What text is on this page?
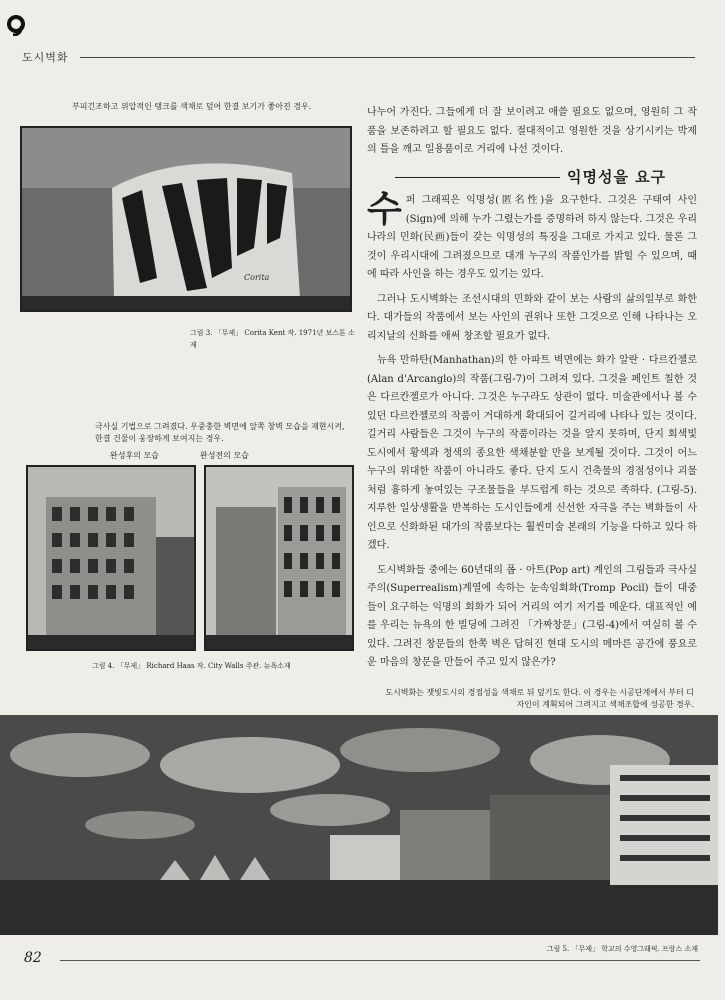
도시벽화
부피긴조하고 위압적인 탱크를 색채로 덮어 한결 보기가 좋아진 경우.
Corita
그림 3. 「무제」 Corita Kent 작. 1971년 보스톤 소재
극사실 기법으로 그려졌다. 우중충한 벽면에 앞쪽 창벽 모습을 재현시켜, 한결 건물이 웅장하게 보여지는 경우.
완성후의 모습	완성전의 모습
그림 4. 「무제」 Richard Haas 작. City Walls 주관. 뉴욕소재
나누어 가진다. 그들에게 더 잘 보이려고 애쓸 필요도 없으며, 영원히 그 작품을 보존하려고 할 필요도 없다. 절대적이고 영원한 것을 상기시키는 박제의 틀을 깨고 일용품이로 거리에 나선 것이다.
익명성을 요구

수퍼 그래픽은 익명성(匿名性)을 요구한다. 그것은 구태여 사인(Sign)에 의해 누가 그렸는가를 증명하려 하지 않는다. 그것은 우리나라의 민화(民画)들이 갖는 익명성의 특징을 그대로 가지고 있다. 물론 그것이 우리시대에 그려졌으므로 대개 누구의 작품인가를 밝힐 수 있으며, 때에 따라 사인을 하는 경우도 있기는 있다.

그러나 도시벽화는 조선시대의 민화와 같이 보는 사람의 삶의일부로 화한다. 대가들의 작품에서 보는 사인의 권위나 또한 그것으로 인해 나타나는 오리지날의 신화를 애써 창조할 필요가 없다.

뉴욕 만하탄(Manhathan)의 한 아파트 벽면에는 화가 알란 · 다르칸젤로(Alan d'Arcanglo)의 작품(그림-7)이 그려져 있다. 그것을 페인트 칠한 것은 다르칸젤로가 아니다. 그것은 누구라도 상관이 없다. 미술관에서나 볼 수 있던 다르칸젤로의 작품이 거대하게 확대되어 길거리에 나타나 있는 것이다. 길거리 사람들은 그것이 누구의 작품이라는 것을 알지 못하며, 단지 회색빛 도시에서 황색과 청색의 종요한 색채분할 만을 보게될 것이다. 그것이 어느 누구의 위대한 작품이 아니라도 좋다. 단지 도시 건축물의 경점성이나 괴물처럼 흉하게 놓여있는 구조물들을 부드럽게 하는 것으로 족하다. (그림-5). 지루한 일상생활을 반복하는 도시인들에게 신선한 자극을 주는 벽화들이 사인으로 신화화된 대가의 작품보다는 훨씬미술 본래의 기능을 다하고 있다 하겠다.

도시벽화들 중에는 60년대의 폽 · 아트(Pop art) 계인의 그림들과 극사실주의(Superrealism)계열에 속하는 눈속임회화(Tromp Pocil) 들이 대중들이 요구하는 익명의 회화가 되어 거리의 여기 저기를 메운다. 대표적인 예를 우리는 뉴욕의 한 빌딩에 그려진 「가짜창문」(그림-4)에서 여실히 볼 수 있다. 그려진 창문들의 한쪽 벽은 답혀진 현대 도시의 메마른 공간에 풍요로운 마음의 창문을 만들어 주고 있지 않은가?

도시벽화는 잿빛도시의 경점성을 색채로 뒤 덮기도 한다. 이 경우는 시공단계에서 부터 디자인이 계획되어 그려지고 색채조합에 성공한 경우.
그림 5. 「무제」 학교의 수영그래픽. 프랑스 소재
82
